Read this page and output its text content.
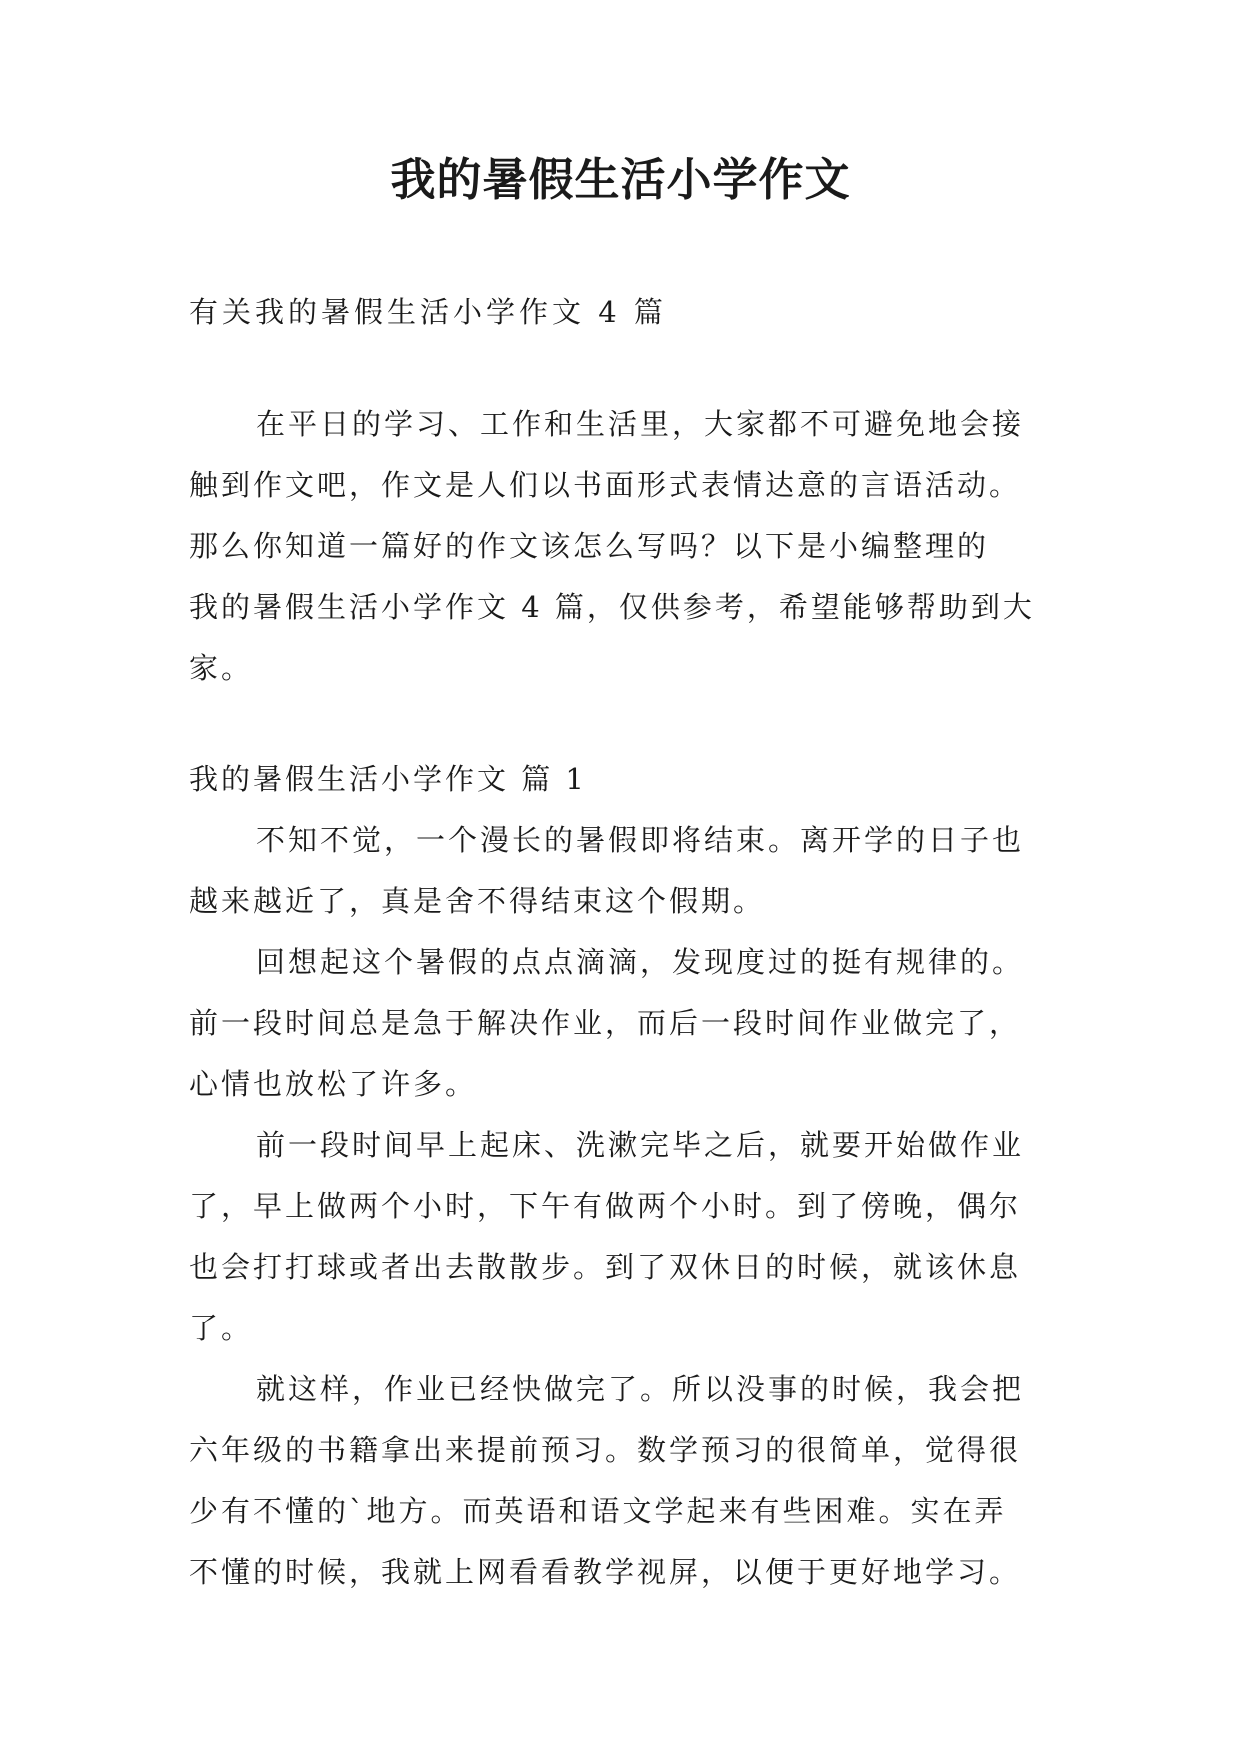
我的暑假生活小学作文
有关我的暑假生活小学作文 4 篇
在平日的学习、工作和生活里，大家都不可避免地会接
触到作文吧，作文是人们以书面形式表情达意的言语活动。
那么你知道一篇好的作文该怎么写吗？以下是小编整理的
我的暑假生活小学作文 4 篇，仅供参考，希望能够帮助到大
家。
我的暑假生活小学作文 篇 1
不知不觉，一个漫长的暑假即将结束。离开学的日子也
越来越近了，真是舍不得结束这个假期。
回想起这个暑假的点点滴滴，发现度过的挺有规律的。
前一段时间总是急于解决作业，而后一段时间作业做完了，
心情也放松了许多。
前一段时间早上起床、洗漱完毕之后，就要开始做作业
了，早上做两个小时，下午有做两个小时。到了傍晚，偶尔
也会打打球或者出去散散步。到了双休日的时候，就该休息
了。
就这样，作业已经快做完了。所以没事的时候，我会把
六年级的书籍拿出来提前预习。数学预习的很简单，觉得很
少有不懂的`地方。而英语和语文学起来有些困难。实在弄
不懂的时候，我就上网看看教学视屏，以便于更好地学习。
